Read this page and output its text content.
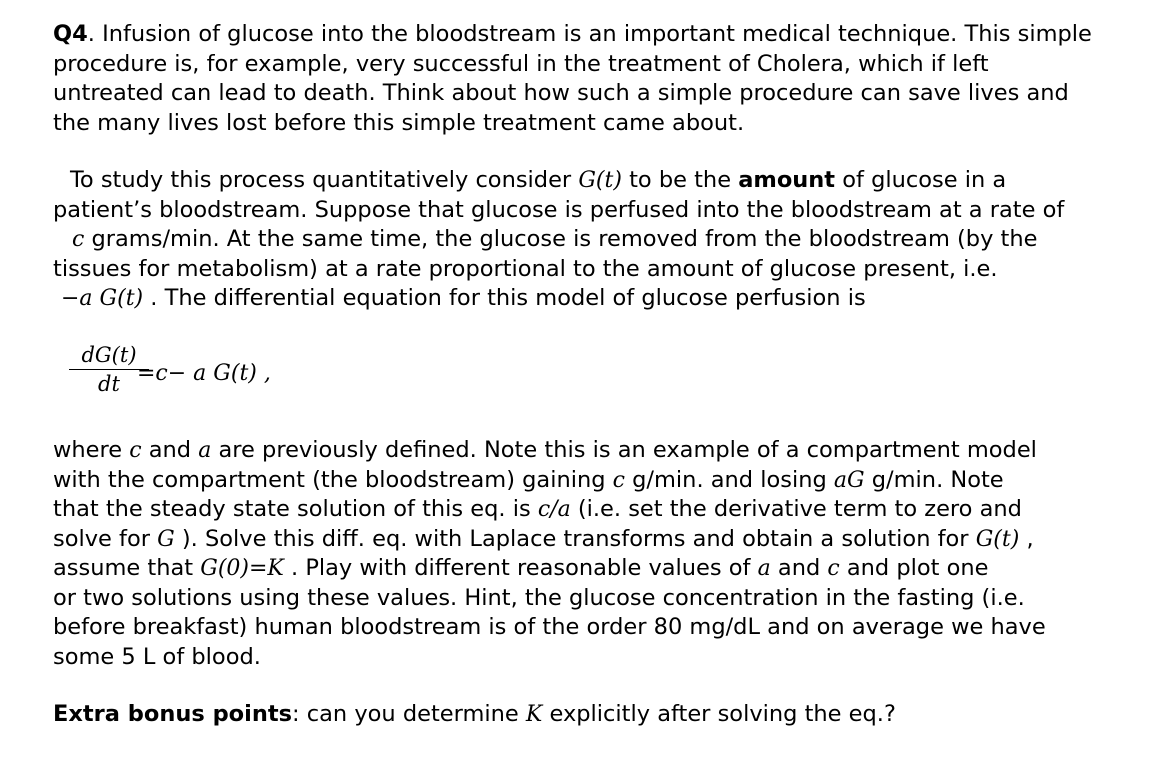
Q4. Infusion of glucose into the bloodstream is an important medical technique. This simple
procedure is, for example, very successful in the treatment of Cholera, which if left
untreated can lead to death. Think about how such a simple procedure can save lives and
the many lives lost before this simple treatment came about.
To study this process quantitatively consider G(t) to be the amount of glucose in a
patient’s bloodstream. Suppose that glucose is perfused into the bloodstream at a rate of
c grams/min. At the same time, the glucose is removed from the bloodstream (by the
tissues for metabolism) at a rate proportional to the amount of glucose present, i.e.
−a G(t) . The differential equation for this model of glucose perfusion is
dG(t)
dt =c− a G(t) ,
where c and a are previously defined. Note this is an example of a compartment model
with the compartment (the bloodstream) gaining c g/min. and losing aG g/min. Note
that the steady state solution of this eq. is c/a (i.e. set the derivative term to zero and
solve for G ). Solve this diff. eq. with Laplace transforms and obtain a solution for G(t) ,
assume that G(0)=K . Play with different reasonable values of a and c and plot one
or two solutions using these values. Hint, the glucose concentration in the fasting (i.e.
before breakfast) human bloodstream is of the order 80 mg/dL and on average we have
some 5 L of blood.
Extra bonus points: can you determine K explicitly after solving the eq.?
